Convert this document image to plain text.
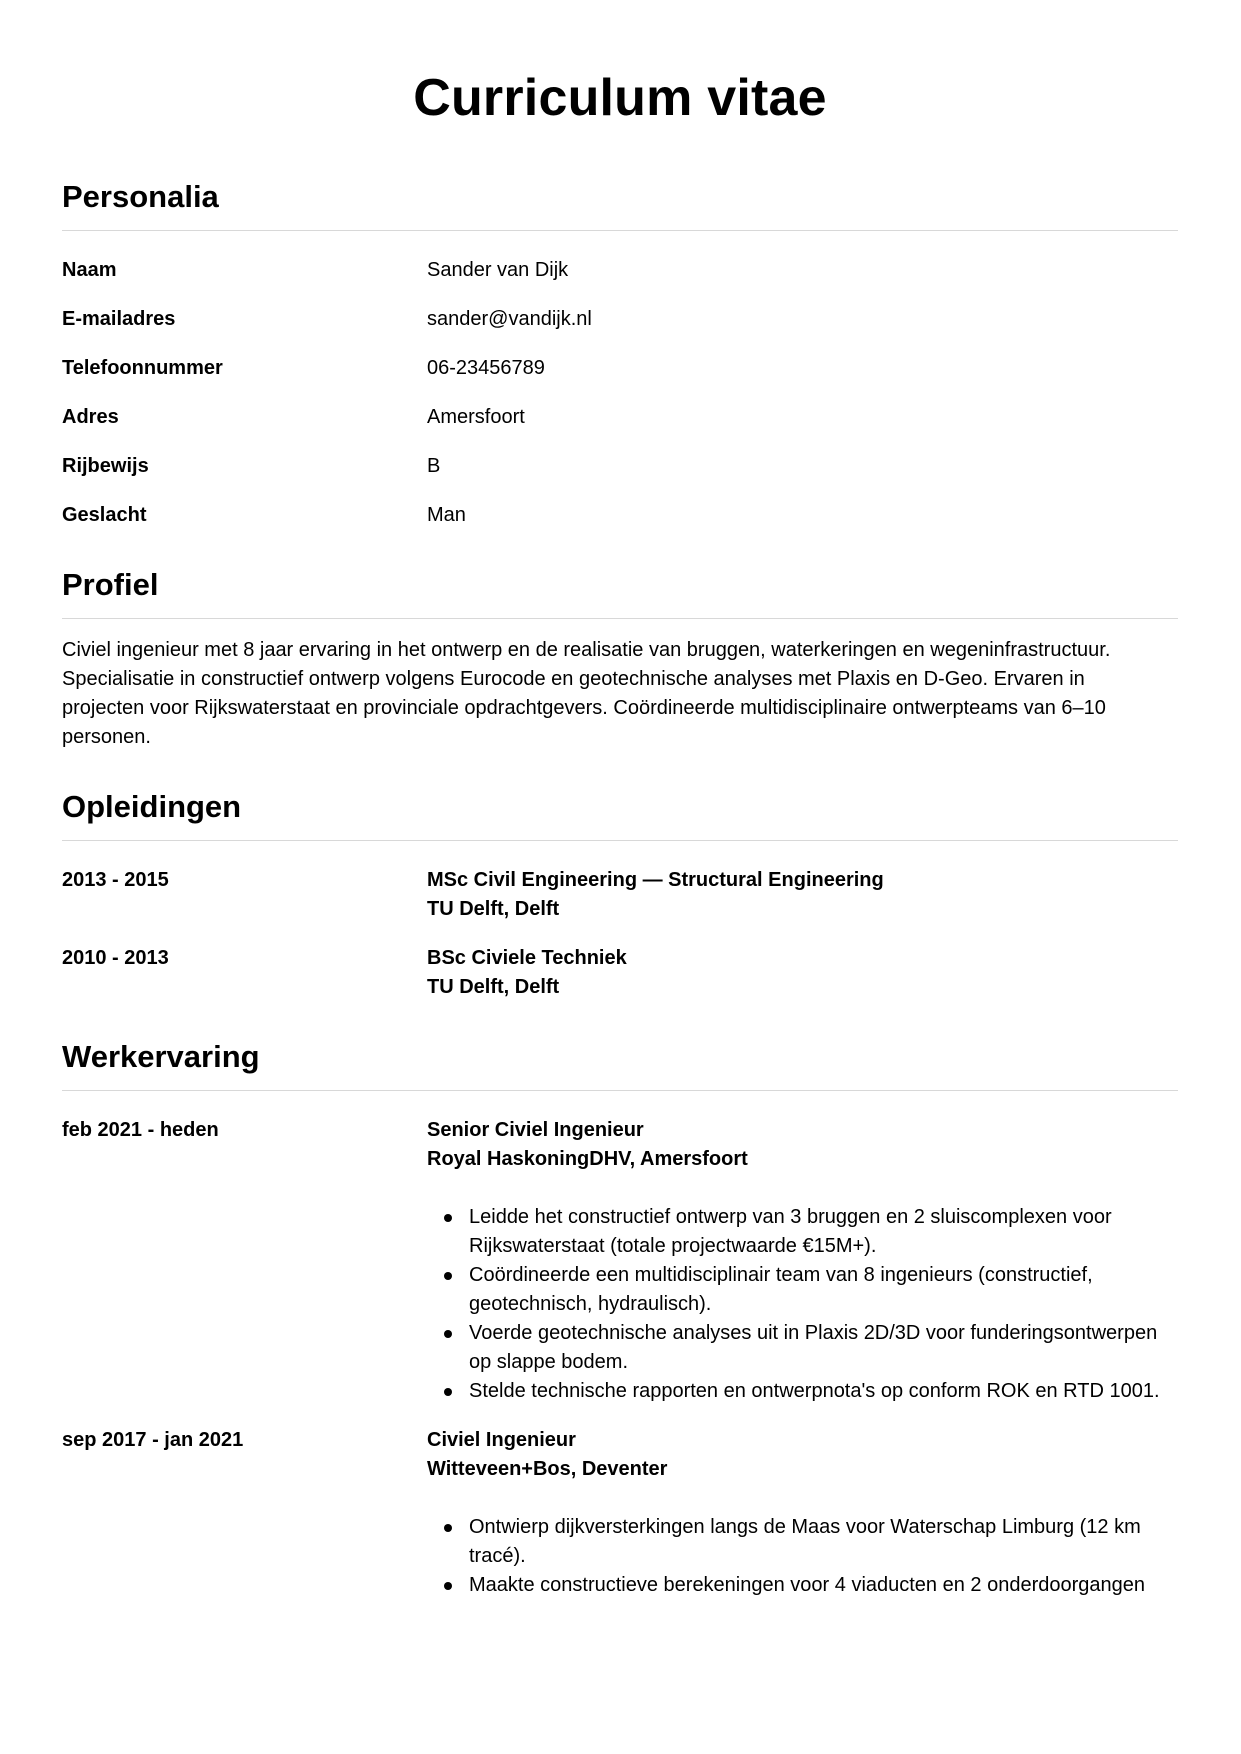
Curriculum vitae
Personalia
Naam	Sander van Dijk
E-mailadres	sander@vandijk.nl
Telefoonnummer	06-23456789
Adres	Amersfoort
Rijbewijs	B
Geslacht	Man
Profiel

Civiel ingenieur met 8 jaar ervaring in het ontwerp en de realisatie van bruggen, waterkeringen en wegeninfrastructuur. Specialisatie in constructief ontwerp volgens Eurocode en geotechnische analyses met Plaxis en D-Geo. Ervaren in projecten voor Rijkswaterstaat en provinciale opdrachtgevers. Coördineerde multidisciplinaire ontwerpteams van 6–10 personen.

Opleidingen
2013 - 2015	MSc Civil Engineering — Structural Engineering
TU Delft, Delft
2010 - 2013	BSc Civiele Techniek
TU Delft, Delft
Werkervaring
feb 2021 - heden	Senior Civiel Ingenieur
Royal HaskoningDHV, Amersfoort
Leidde het constructief ontwerp van 3 bruggen en 2 sluiscomplexen voor Rijkswaterstaat (totale projectwaarde €15M+).
Coördineerde een multidisciplinair team van 8 ingenieurs (constructief, geotechnisch, hydraulisch).
Voerde geotechnische analyses uit in Plaxis 2D/3D voor funderingsontwerpen op slappe bodem.
Stelde technische rapporten en ontwerpnota's op conform ROK en RTD 1001.
sep 2017 - jan 2021	Civiel Ingenieur
Witteveen+Bos, Deventer
Ontwierp dijkversterkingen langs de Maas voor Waterschap Limburg (12 km tracé).
Maakte constructieve berekeningen voor 4 viaducten en 2 onderdoorgangen
